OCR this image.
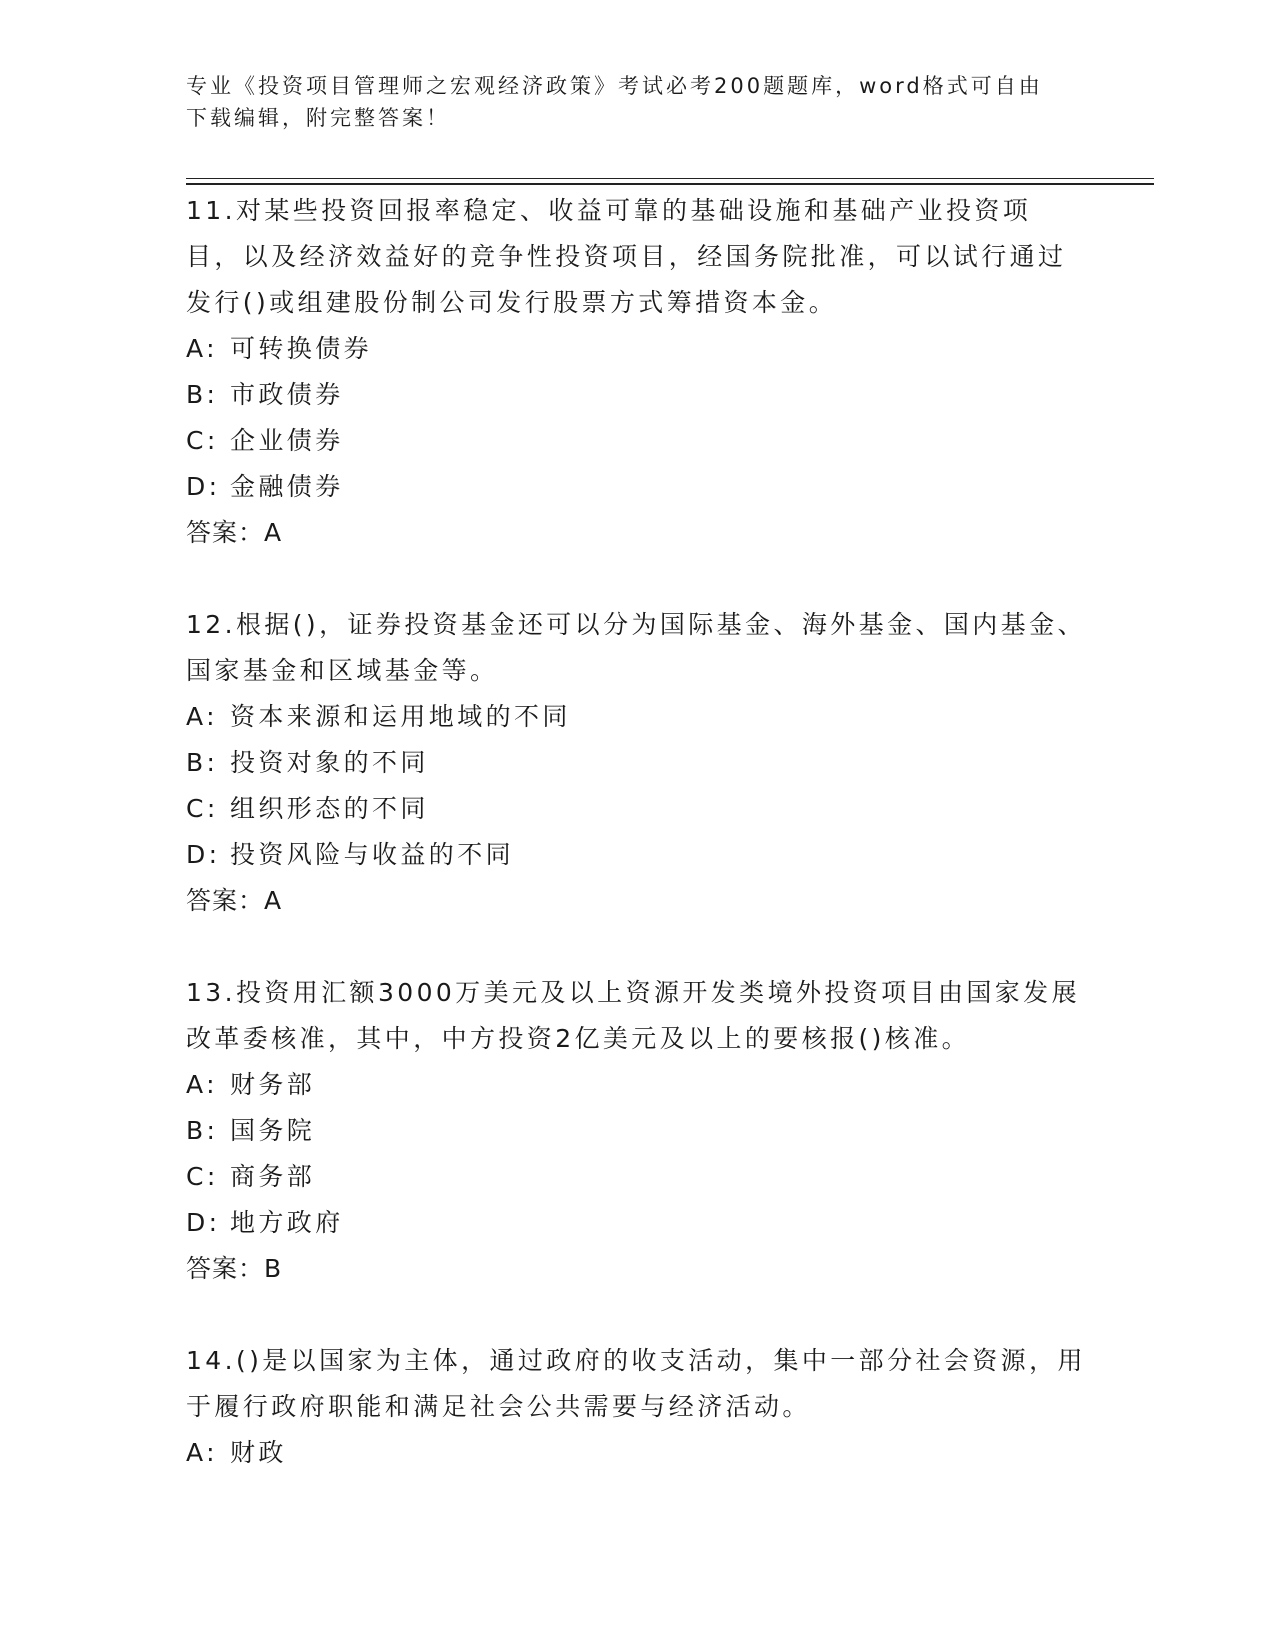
专业《投资项目管理师之宏观经济政策》考试必考200题题库，word格式可自由下载编辑，附完整答案！

11.对某些投资回报率稳定、收益可靠的基础设施和基础产业投资项目，以及经济效益好的竞争性投资项目，经国务院批准，可以试行通过发行()或组建股份制公司发行股票方式筹措资本金。

A: 可转换债券
B: 市政债券
C: 企业债券
D: 金融债券

答案：A

12.根据()，证券投资基金还可以分为国际基金、海外基金、国内基金、国家基金和区域基金等。

A: 资本来源和运用地域的不同
B: 投资对象的不同
C: 组织形态的不同
D: 投资风险与收益的不同

答案：A

13.投资用汇额3000万美元及以上资源开发类境外投资项目由国家发展改革委核准，其中，中方投资2亿美元及以上的要核报()核准。

A: 财务部
B: 国务院
C: 商务部
D: 地方政府

答案：B

14.()是以国家为主体，通过政府的收支活动，集中一部分社会资源，用于履行政府职能和满足社会公共需要与经济活动。

A: 财政
